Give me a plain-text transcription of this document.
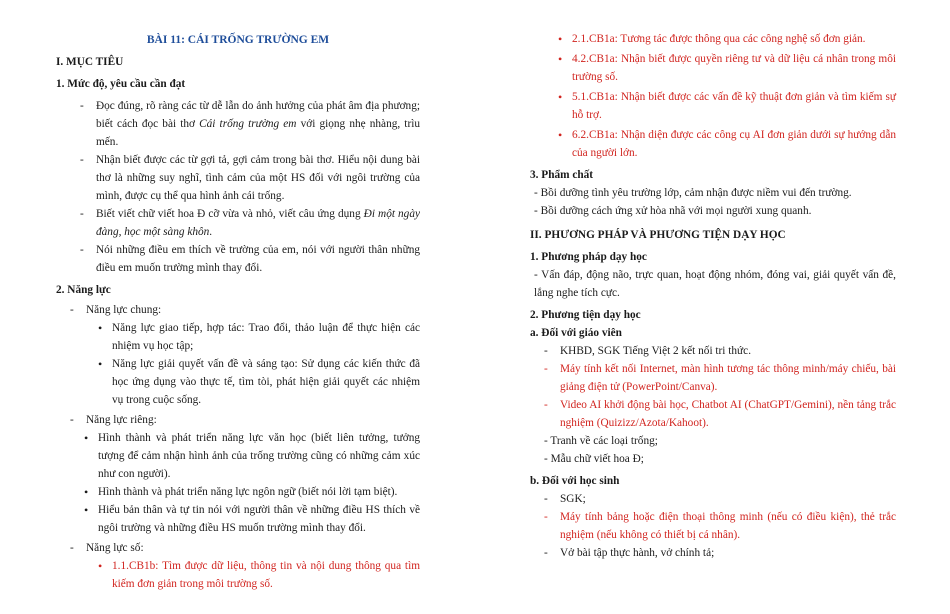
BÀI 11: CÁI TRỐNG TRƯỜNG EM
I. MỤC TIÊU
1. Mức độ, yêu cầu cần đạt
- Đọc đúng, rõ ràng các từ dễ lẫn do ảnh hưởng của phát âm địa phương; biết cách đọc bài thơ Cái trống trường em với giọng nhẹ nhàng, trìu mến.
- Nhận biết được các từ gợi tả, gợi cảm trong bài thơ. Hiểu nội dung bài thơ là những suy nghĩ, tình cảm của một HS đối với ngôi trường của mình, được cụ thể qua hình ảnh cái trống.
- Biết viết chữ viết hoa Đ cỡ vừa và nhỏ, viết câu ứng dụng Đi một ngày đàng, học một sàng khôn.
- Nói những điều em thích về trường của em, nói với người thân những điều em muốn trường mình thay đổi.
2. Năng lực
- Năng lực chung:
• Năng lực giao tiếp, hợp tác: Trao đổi, thảo luận để thực hiện các nhiệm vụ học tập;
• Năng lực giải quyết vấn đề và sáng tạo: Sử dụng các kiến thức đã học ứng dụng vào thực tế, tìm tòi, phát hiện giải quyết các nhiệm vụ trong cuộc sống.
- Năng lực riêng:
• Hình thành và phát triển năng lực văn học (biết liên tưởng, tưởng tượng để cảm nhận hình ảnh của trống trường cũng có những cảm xúc như con người).
• Hình thành và phát triển năng lực ngôn ngữ (biết nói lời tạm biệt).
• Hiểu bản thân và tự tin nói với người thân về những điều HS thích về ngôi trường và những điều HS muốn trường mình thay đổi.
- Năng lực số:
• 1.1.CB1b: Tìm được dữ liệu, thông tin và nội dung thông qua tìm kiếm đơn giản trong môi trường số.
• 2.1.CB1a: Tương tác được thông qua các công nghệ số đơn giản.
• 4.2.CB1a: Nhận biết được quyền riêng tư và dữ liệu cá nhân trong môi trường số.
• 5.1.CB1a: Nhận biết được các vấn đề kỹ thuật đơn giản và tìm kiếm sự hỗ trợ.
• 6.2.CB1a: Nhận diện được các công cụ AI đơn giản dưới sự hướng dẫn của người lớn.
3. Phẩm chất
- Bồi dưỡng tình yêu trường lớp, cảm nhận được niềm vui đến trường.
- Bồi dưỡng cách ứng xử hòa nhã với mọi người xung quanh.
II. PHƯƠNG PHÁP VÀ PHƯƠNG TIỆN DẠY HỌC
1. Phương pháp dạy học
- Vấn đáp, động não, trực quan, hoạt động nhóm, đóng vai, giải quyết vấn đề, lắng nghe tích cực.
2. Phương tiện dạy học
a. Đối với giáo viên
- KHBD, SGK Tiếng Việt 2 kết nối tri thức.
- Máy tính kết nối Internet, màn hình tương tác thông minh/máy chiếu, bài giảng điện tử (PowerPoint/Canva).
- Video AI khởi động bài học, Chatbot AI (ChatGPT/Gemini), nền tảng trắc nghiệm (Quizizz/Azota/Kahoot).
- Tranh về các loại trống;
- Mẫu chữ viết hoa Đ;
b. Đối với học sinh
- SGK;
- Máy tính bảng hoặc điện thoại thông minh (nếu có điều kiện), thẻ trắc nghiệm (nếu không có thiết bị cá nhân).
- Vở bài tập thực hành, vở chính tả;
